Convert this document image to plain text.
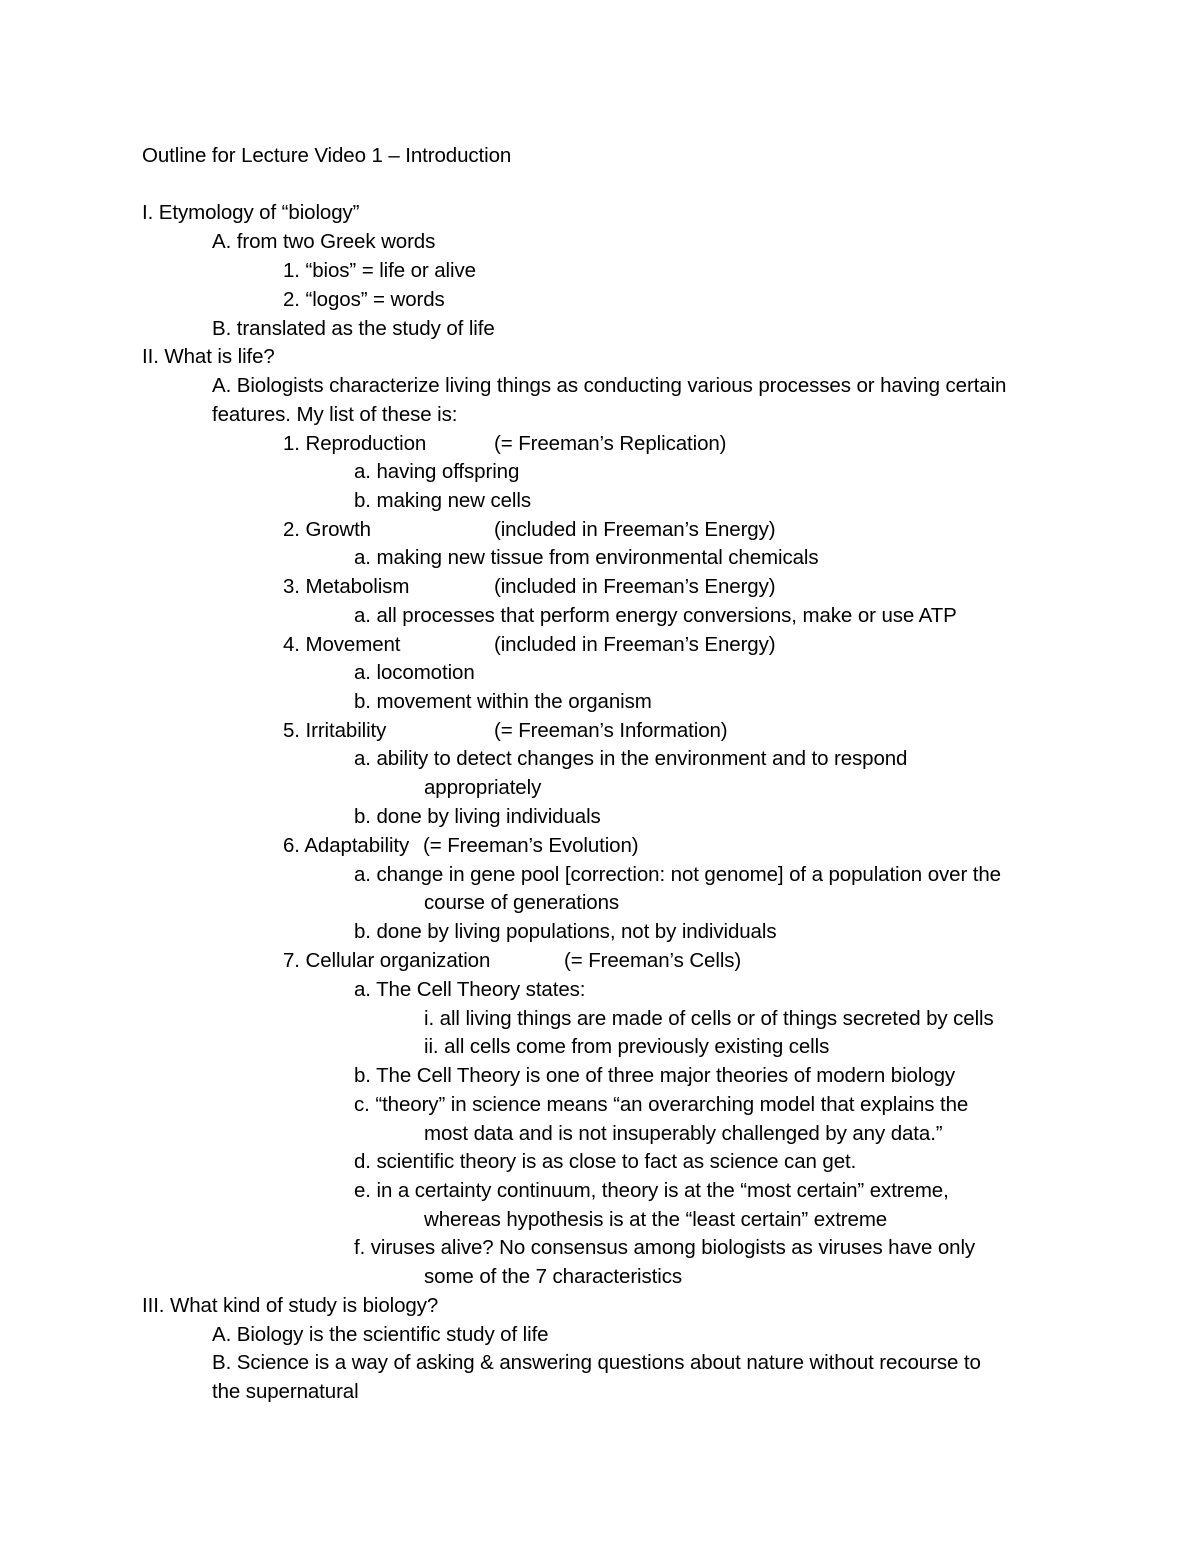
Outline for Lecture Video 1 – Introduction
I. Etymology of “biology”
A. from two Greek words
1. “bios” = life or alive
2. “logos” = words
B. translated as the study of life
II. What is life?
A. Biologists characterize living things as conducting various processes or having certain
features. My list of these is:
1. Reproduction	(= Freeman’s Replication)
a. having offspring
b. making new cells
2. Growth	(included in Freeman’s Energy)
a. making new tissue from environmental chemicals
3. Metabolism	(included in Freeman’s Energy)
a. all processes that perform energy conversions, make or use ATP
4. Movement	(included in Freeman’s Energy)
a. locomotion
b. movement within the organism
5. Irritability	(= Freeman’s Information)
a. ability to detect changes in the environment and to respond
appropriately
b. done by living individuals
6. Adaptability (= Freeman’s Evolution)
a. change in gene pool [correction: not genome] of a population over the
course of generations
b. done by living populations, not by individuals
7. Cellular organization	(= Freeman’s Cells)
a. The Cell Theory states:
i. all living things are made of cells or of things secreted by cells
ii. all cells come from previously existing cells
b. The Cell Theory is one of three major theories of modern biology
c. “theory” in science means “an overarching model that explains the
most data and is not insuperably challenged by any data.”
d. scientific theory is as close to fact as science can get.
e. in a certainty continuum, theory is at the “most certain” extreme,
whereas hypothesis is at the “least certain” extreme
f. viruses alive? No consensus among biologists as viruses have only
some of the 7 characteristics
III. What kind of study is biology?
A. Biology is the scientific study of life
B. Science is a way of asking & answering questions about nature without recourse to
the supernatural
